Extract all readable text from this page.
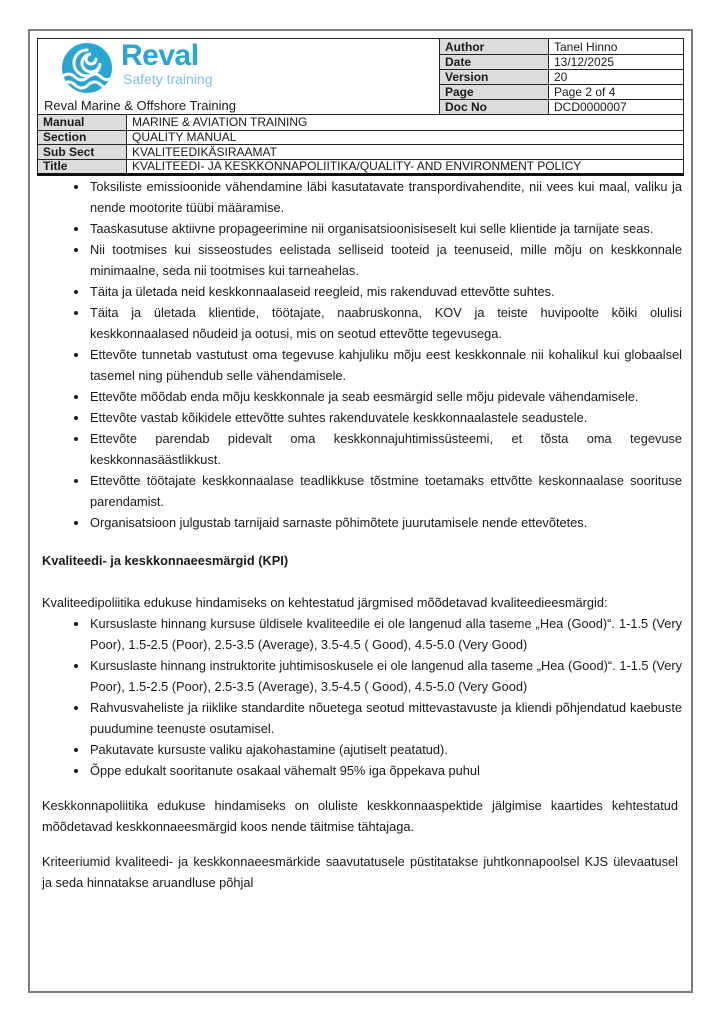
Reval
Safety training
Reval Marine & Offshore Training
Author	Tanel Hinno
Date	13/12/2025
Version	20
Page	Page 2 of 4
Doc No	DCD0000007
Manual	MARINE & AVIATION TRAINING
Section	QUALITY MANUAL
Sub Sect	KVALITEEDIKÄSIRAAMAT
Title	KVALITEEDI- JA KESKKONNAPOLIITIKA/QUALITY- AND ENVIRONMENT POLICY
• Toksiliste emissioonide vähendamine läbi kasutatavate transpordivahendite, nii vees kui maal, valiku ja nende mootorite tüübi määramise.
• Taaskasutuse aktiivne propageerimine nii organisatsioonisiseselt kui selle klientide ja tarnijate seas.
• Nii tootmises kui sisseostudes eelistada selliseid tooteid ja teenuseid, mille mõju on keskkonnale minimaalne, seda nii tootmises kui tarneahelas.
• Täita ja ületada neid keskkonnaalaseid reegleid, mis rakenduvad ettevõtte suhtes.
• Täita ja ületada klientide, töötajate, naabruskonna, KOV ja teiste huvipoolte kõiki olulisi keskkonnaalased nõudeid ja ootusi, mis on seotud ettevõtte tegevusega.
• Ettevõte tunnetab vastutust oma tegevuse kahjuliku mõju eest keskkonnale nii kohalikul kui globaalsel tasemel ning pühendub selle vähendamisele.
• Ettevõte mõõdab enda mõju keskkonnale ja seab eesmärgid selle mõju pidevale vähendamisele.
• Ettevõte vastab kõikidele ettevõtte suhtes rakenduvatele keskkonnaalastele seadustele.
• Ettevõte parendab pidevalt oma keskkonnajuhtimissüsteemi, et tõsta oma tegevuse keskkonnasäästlikkust.
• Ettevõtte töötajate keskkonnaalase teadlikkuse tõstmine toetamaks ettvõtte keskonnaalase soorituse parendamist.
• Organisatsioon julgustab tarnijaid sarnaste põhimõtete juurutamisele nende ettevõtetes.
Kvaliteedi- ja keskkonnaeesmärgid (KPI)
Kvaliteedipoliitika edukuse hindamiseks on kehtestatud järgmised mõõdetavad kvaliteedieesmärgid:
• Kursuslaste hinnang kursuse üldisele kvaliteedile ei ole langenud alla taseme „Hea (Good)“. 1-1.5 (Very Poor), 1.5-2.5 (Poor), 2.5-3.5 (Average), 3.5-4.5 ( Good), 4.5-5.0 (Very Good)
• Kursuslaste hinnang instruktorite juhtimisoskusele ei ole langenud alla taseme „Hea (Good)“. 1-1.5 (Very Poor), 1.5-2.5 (Poor), 2.5-3.5 (Average), 3.5-4.5 ( Good), 4.5-5.0 (Very Good)
• Rahvusvaheliste ja riiklike standardite nõuetega seotud mittevastavuste ja kliendi põhjendatud kaebuste puudumine teenuste osutamisel.
• Pakutavate kursuste valiku ajakohastamine (ajutiselt peatatud).
• Õppe edukalt sooritanute osakaal vähemalt 95% iga õppekava puhul
Keskkonnapoliitika edukuse hindamiseks on oluliste keskkonnaaspektide jälgimise kaartides kehtestatud mõõdetavad keskkonnaeesmärgid koos nende täitmise tähtajaga.
Kriteeriumid kvaliteedi- ja keskkonnaeesmärkide saavutatusele püstitatakse juhtkonnapoolsel KJS ülevaatusel ja seda hinnatakse aruandluse põhjal
